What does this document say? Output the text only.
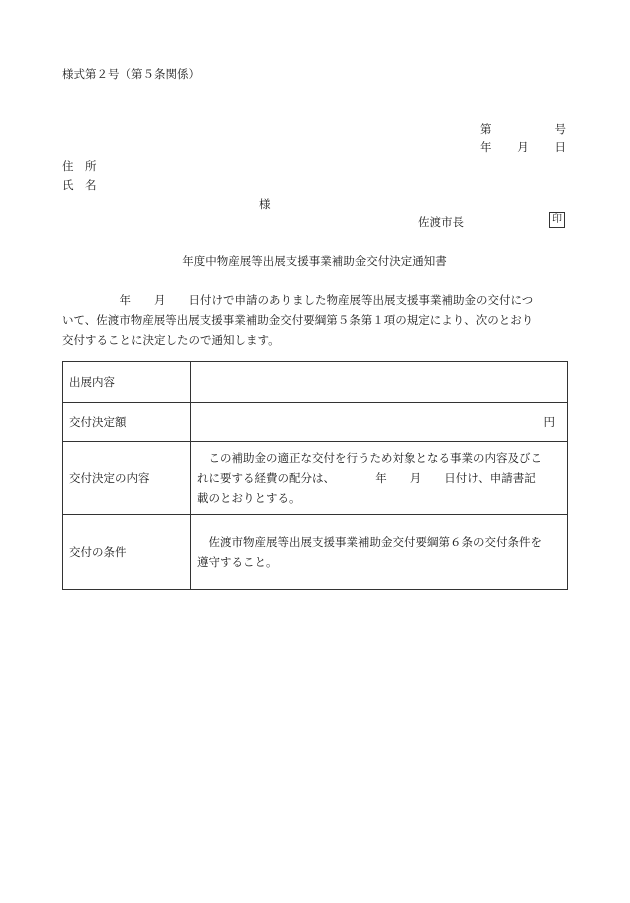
様式第２号（第５条関係）
第	号
年 月 日
住　所
氏　名
様
佐渡市長	印
年度中物産展等出展支援事業補助金交付決定通知書
　　　　　年　　月　　日付けで申請のありました物産展等出展支援事業補助金の交付につ
いて、佐渡市物産展等出展支援事業補助金交付要綱第５条第１項の規定により、次のとおり
交付することに決定したので通知します。
出展内容	
交付決定額	円
交付決定の内容	　この補助金の適正な交付を行うため対象となる事業の内容及びこ
れに要する経費の配分は、　　　　年　　月　　日付け、申請書記
載のとおりとする。

交付の条件	　佐渡市物産展等出展支援事業補助金交付要綱第６条の交付条件を
遵守すること。
